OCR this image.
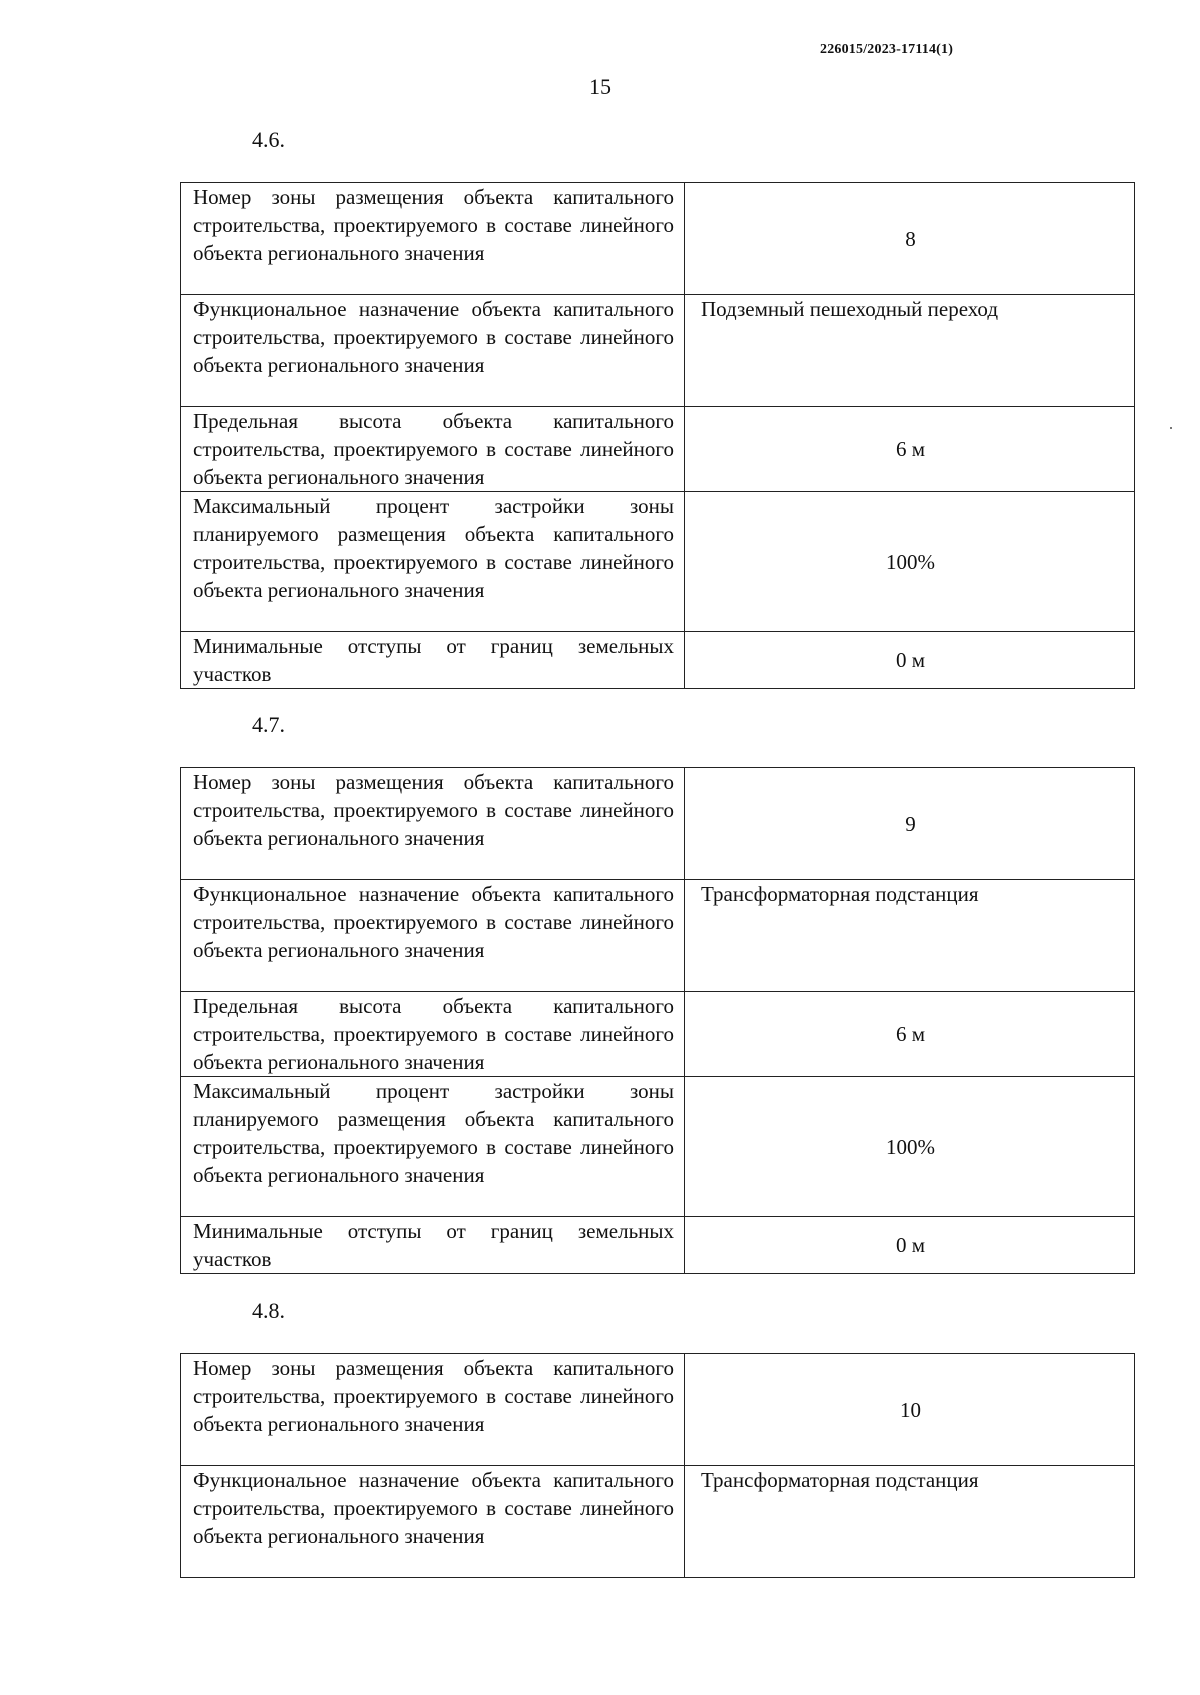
226015/2023-17114(1)
15
4.6.
Номер зоны размещения объекта капитального строительства, проектируемого в составе линейного объекта регионального значения	8
Функциональное назначение объекта капитального строительства, проектируемого в составе линейного объекта регионального значения	Подземный пешеходный переход
Предельная высота объекта капитального строительства, проектируемого в составе линейного объекта регионального значения	6 м
Максимальный процент застройки зоны планируемого размещения объекта капитального строительства, проектируемого в составе линейного объекта регионального значения	100%
Минимальные отступы от границ земельных участков	0 м
4.7.
Номер зоны размещения объекта капитального строительства, проектируемого в составе линейного объекта регионального значения	9
Функциональное назначение объекта капитального строительства, проектируемого в составе линейного объекта регионального значения	Трансформаторная подстанция
Предельная высота объекта капитального строительства, проектируемого в составе линейного объекта регионального значения	6 м
Максимальный процент застройки зоны планируемого размещения объекта капитального строительства, проектируемого в составе линейного объекта регионального значения	100%
Минимальные отступы от границ земельных участков	0 м
4.8.
Номер зоны размещения объекта капитального строительства, проектируемого в составе линейного объекта регионального значения	10
Функциональное назначение объекта капитального строительства, проектируемого в составе линейного объекта регионального значения	Трансформаторная подстанция
